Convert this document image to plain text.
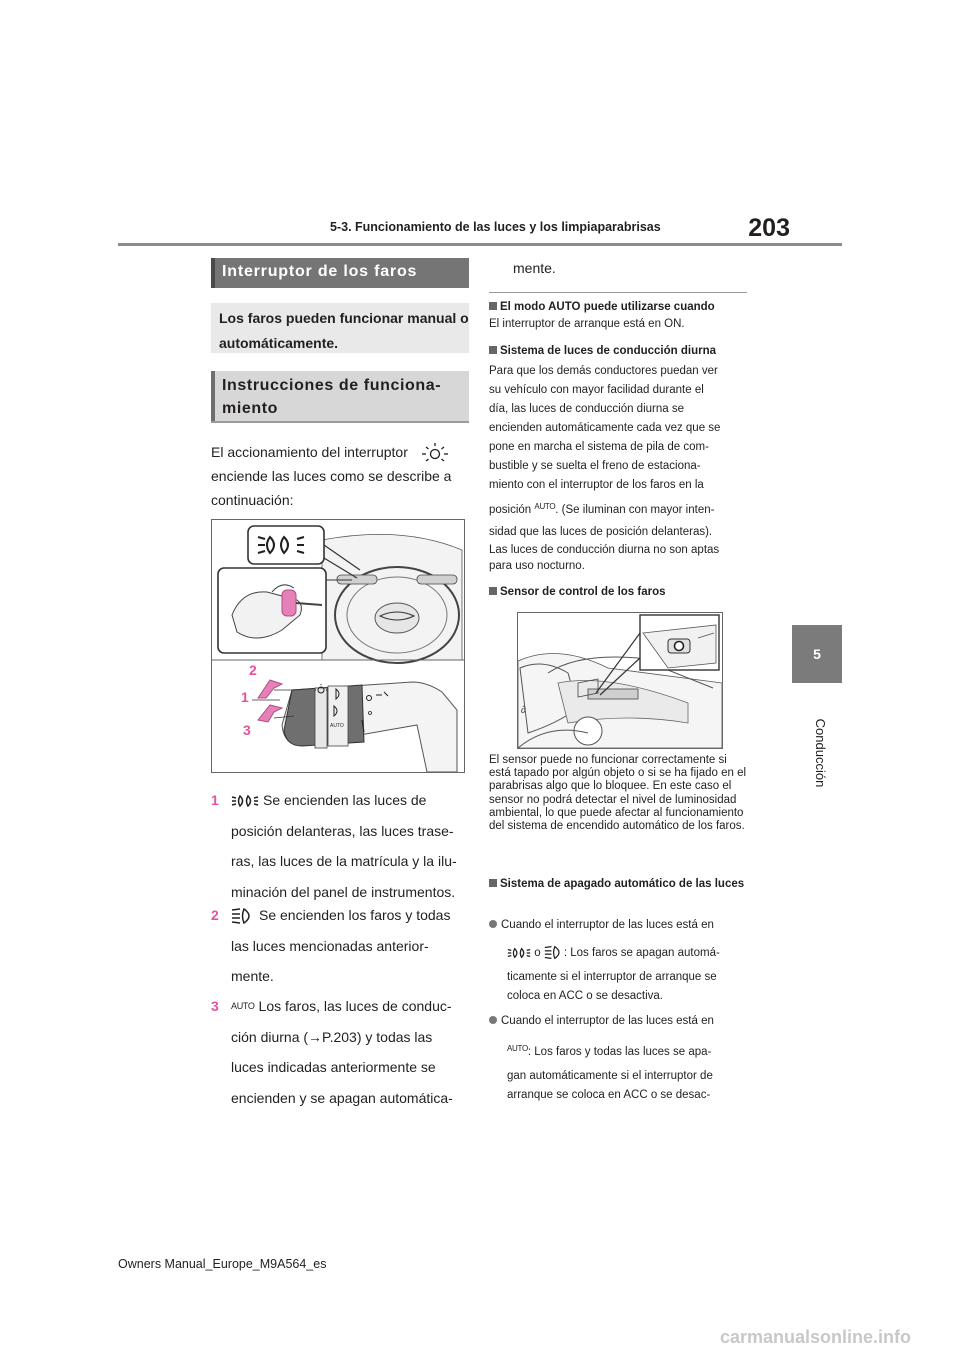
5-3. Funcionamiento de las luces y los limpiaparabrisas	203
5
Conducción
Interruptor de los faros
Los faros pueden funcionar manual o automáticamente.
Instrucciones de funciona-miento
El accionamiento del interruptor
enciende las luces como se describe a
continuación:
AUTO
2
1
3
1	Se encienden las luces de
posición delanteras, las luces trase-
ras, las luces de la matrícula y la ilu-
minación del panel de instrumentos.
2	Se encienden los faros y todas
las luces mencionadas anterior-
mente.
3 AUTO Los faros, las luces de conduc-
ción diurna (→P.203) y todas las
luces indicadas anteriormente se
encienden y se apagan automática-
mente.
El modo AUTO puede utilizarse cuando
El interruptor de arranque está en ON.
Sistema de luces de conducción diurna
Para que los demás conductores puedan ver
su vehículo con mayor facilidad durante el
día, las luces de conducción diurna se
encienden automáticamente cada vez que se
pone en marcha el sistema de pila de com-
bustible y se suelta el freno de estaciona-
miento con el interruptor de los faros en la
posición $^{AUTO}$. (Se iluminan con mayor inten-
sidad que las luces de posición delanteras).
Las luces de conducción diurna no son aptas
para uso nocturno.
Sensor de control de los faros
∂
El sensor puede no funcionar correctamente si está tapado por algún objeto o si se ha fijado en el parabrisas algo que lo bloquee. En este caso el sensor no podrá detectar el nivel de luminosidad ambiental, lo que puede afectar al funcionamiento del sistema de encendido automático de los faros.
Sistema de apagado automático de las luces
Cuando el interruptor de las luces está en
o : Los faros se apagan automá-
ticamente si el interruptor de arranque se
coloca en ACC o se desactiva.
Cuando el interruptor de las luces está en
$^{AUTO}$: Los faros y todas las luces se apa-
gan automáticamente si el interruptor de
arranque se coloca en ACC o se desac-
Owners Manual_Europe_M9A564_es
carmanualsonline.info
